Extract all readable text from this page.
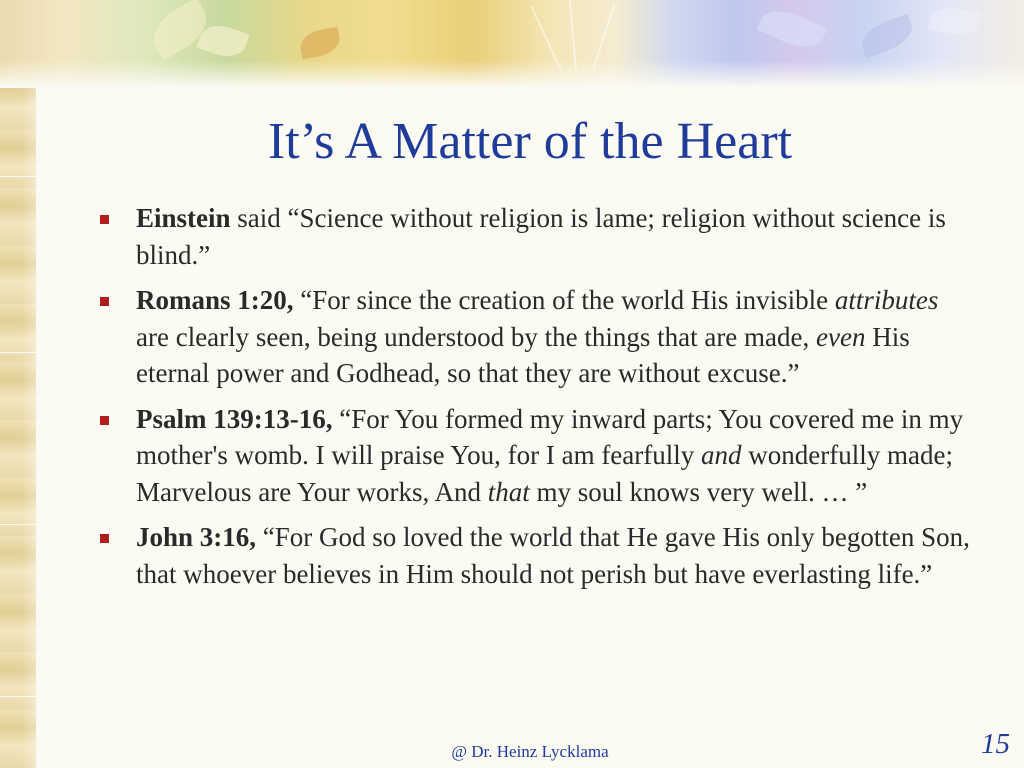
It’s A Matter of the Heart
Einstein said “Science without religion is lame; religion without science is blind.”
Romans 1:20, “For since the creation of the world His invisible attributes are clearly seen, being understood by the things that are made, even His eternal power and Godhead, so that they are without excuse.”
Psalm 139:13-16, “For You formed my inward parts; You covered me in my mother's womb. I will praise You, for I am fearfully and wonderfully made; Marvelous are Your works, And that my soul knows very well. … ”
John 3:16, “For God so loved the world that He gave His only begotten Son, that whoever believes in Him should not perish but have everlasting life.”
@ Dr. Heinz Lycklama	15
